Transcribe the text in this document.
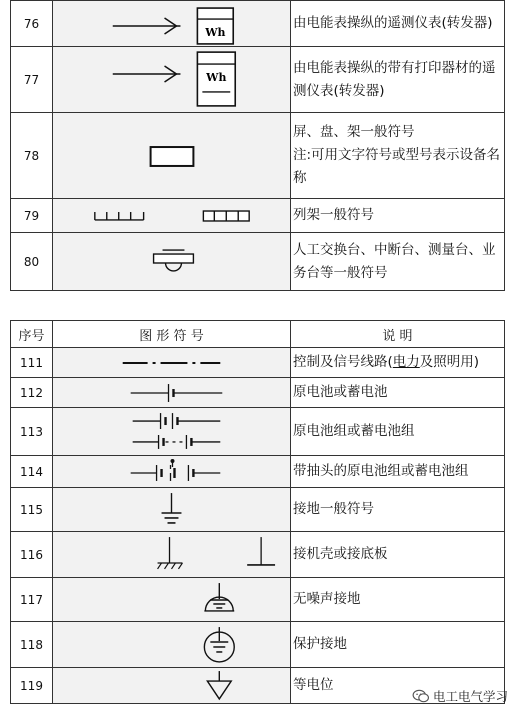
76	Wh	由电能表操纵的遥测仪表(转发器)
77	Wh	由电能表操纵的带有打印器材的遥测仪表(转发器)
78		屏、盘、架一般符号
注:可用文字符号或型号表示设备名称

79		列架一般符号
80		人工交换台、中断台、测量台、业务台等一般符号
序号	图 形 符 号	说 明
111		控制及信号线路(电力及照明用)
112		原电池或蓄电池
113		原电池组或蓄电池组
114		带抽头的原电池组或蓄电池组
115		接地一般符号
116		接机壳或接底板
117		无噪声接地
118		保护接地
119		等电位
电工电气学习
